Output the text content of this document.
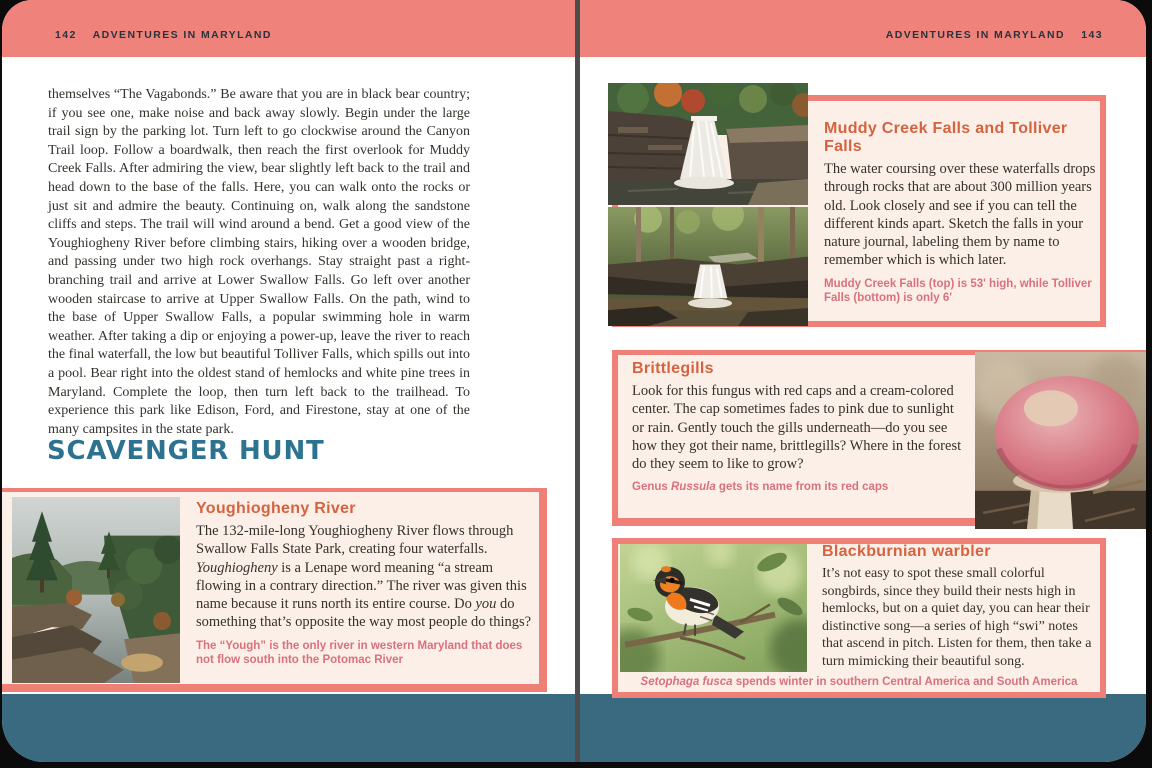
142 ADVENTURES IN MARYLAND	ADVENTURES IN MARYLAND 143
themselves “The Vagabonds.” Be aware that you are in black bear country; if you see one, make noise and back away slowly. Begin under the large trail sign by the parking lot. Turn left to go clockwise around the Canyon Trail loop. Follow a boardwalk, then reach the first overlook for Muddy Creek Falls. After admiring the view, bear slightly left back to the trail and head down to the base of the falls. Here, you can walk onto the rocks or just sit and admire the beauty. Continuing on, walk along the sandstone cliffs and steps. The trail will wind around a bend. Get a good view of the Youghiogheny River before climbing stairs, hiking over a wooden bridge, and passing under two high rock overhangs. Stay straight past a right-branching trail and arrive at Lower Swallow Falls. Go left over another wooden staircase to arrive at Upper Swallow Falls. On the path, wind to the base of Upper Swallow Falls, a popular swimming hole in warm weather. After taking a dip or enjoying a power-up, leave the river to reach the final waterfall, the low but beautiful Tolliver Falls, which spills out into a pool. Bear right into the oldest stand of hemlocks and white pine trees in Maryland. Complete the loop, then turn left back to the trailhead. To experience this park like Edison, Ford, and Firestone, stay at one of the many campsites in the state park.
SCAVENGER HUNT
Youghiogheny River

The 132-mile-long Youghiogheny River flows through Swallow Falls State Park, creating four waterfalls. Youghiogheny is a Lenape word meaning “a stream flowing in a contrary direction.” The river was given this name because it runs north its entire course. Do you do something that’s opposite the way most people do things?

The “Yough” is the only river in western Maryland that does not flow south into the Potomac River

Muddy Creek Falls and Tolliver Falls

The water coursing over these waterfalls drops through rocks that are about 300 million years old. Look closely and see if you can tell the different kinds apart. Sketch the falls in your nature journal, labeling them by name to remember which is which later.

Muddy Creek Falls (top) is 53' high, while Tolliver Falls (bottom) is only 6'

Brittlegills

Look for this fungus with red caps and a cream-colored center. The cap sometimes fades to pink due to sunlight or rain. Gently touch the gills underneath—do you see how they got their name, brittlegills? Where in the forest do they seem to like to grow?

Genus Russula gets its name from its red caps

Blackburnian warbler

It’s not easy to spot these small colorful songbirds, since they build their nests high in hemlocks, but on a quiet day, you can hear their distinctive song—a series of high “swi” notes that ascend in pitch. Listen for them, then take a turn mimicking their beautiful song.

Setophaga fusca spends winter in southern Central America and South America
